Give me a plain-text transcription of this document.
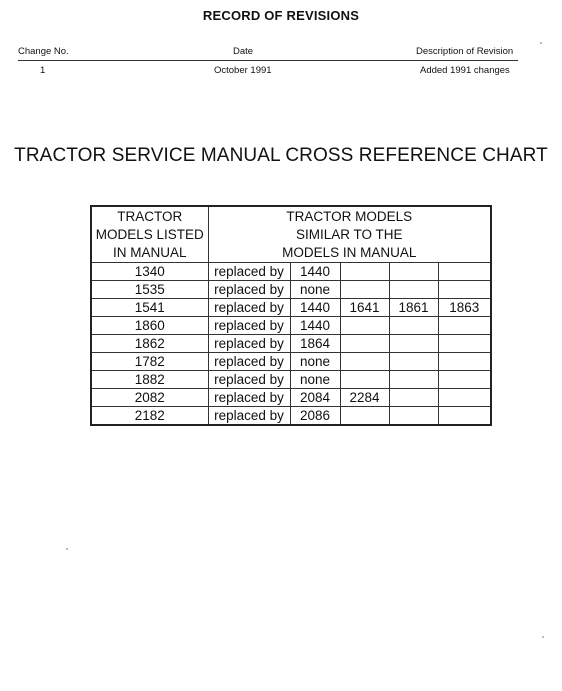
RECORD OF REVISIONS
Change No.	Date	Description of Revision
1	October 1991	Added 1991 changes
TRACTOR SERVICE MANUAL CROSS REFERENCE CHART
TRACTOR
MODELS LISTED
IN MANUAL	TRACTOR MODELS
SIMILAR TO THE
MODELS IN MANUAL				

1340	replaced by	1440			
1535	replaced by	none			
1541	replaced by	1440	1641	1861	1863
1860	replaced by	1440			
1862	replaced by	1864			
1782	replaced by	none			
1882	replaced by	none			
2082	replaced by	2084	2284		
2182	replaced by	2086			
